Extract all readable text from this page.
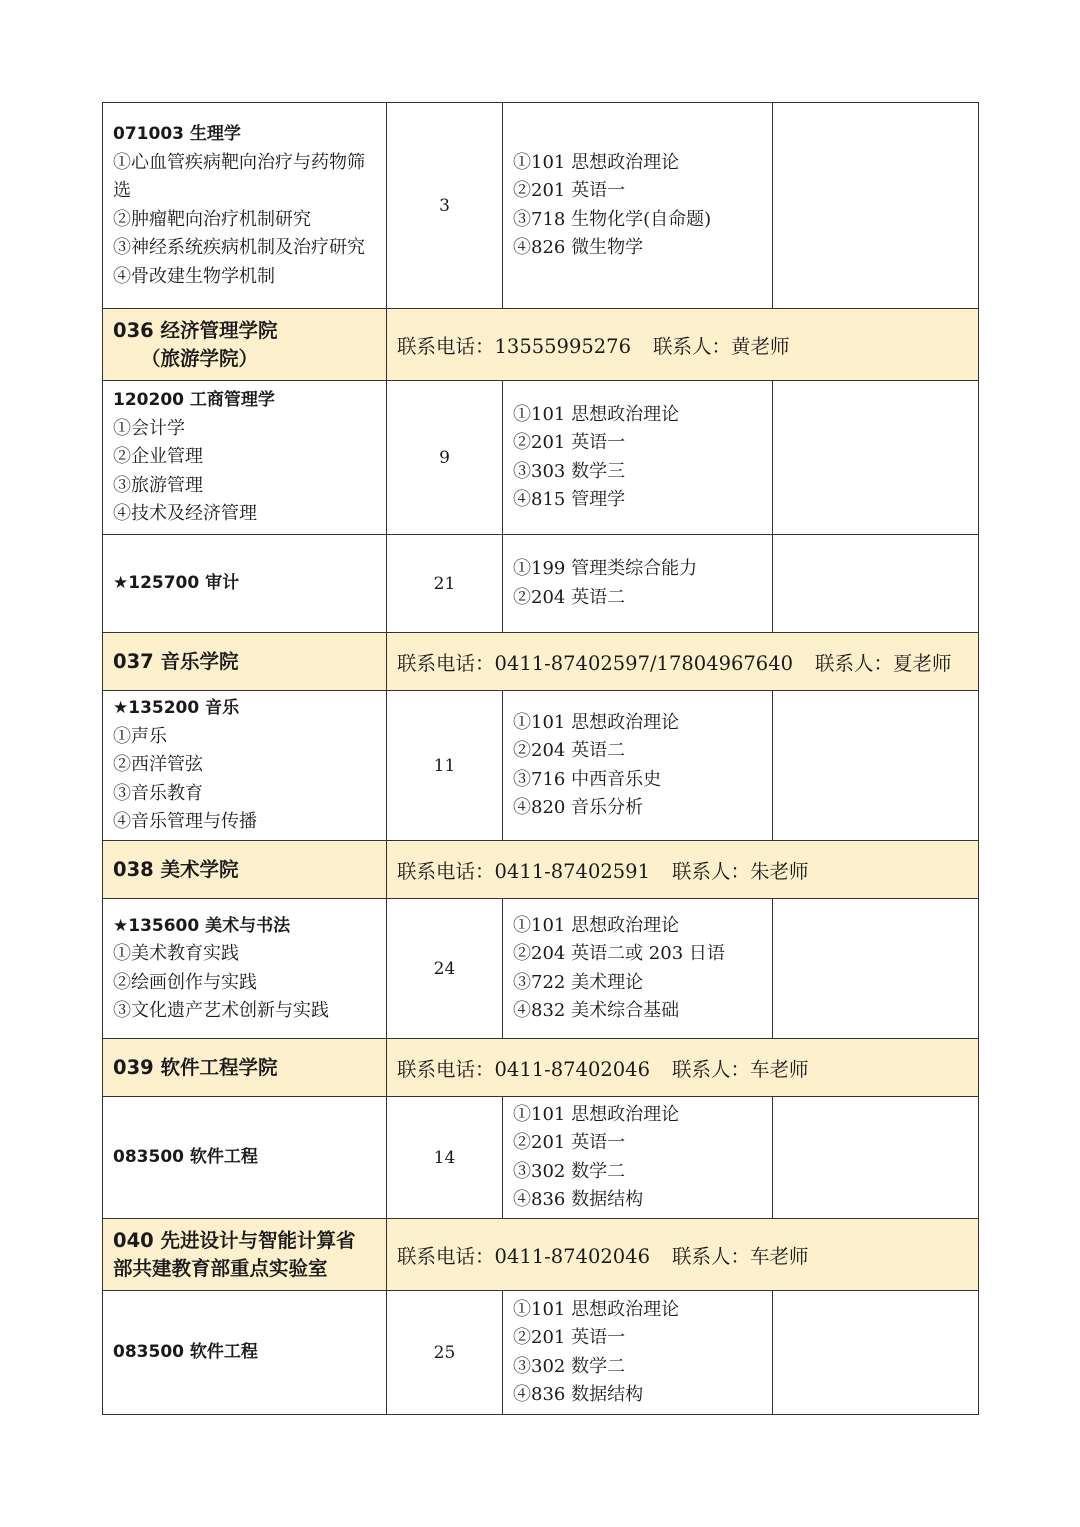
071003 生理学
①心血管疾病靶向治疗与药物筛选
②肿瘤靶向治疗机制研究
③神经系统疾病机制及治疗研究
④骨改建生物学机制	3	①101 思想政治理论
②201 英语一
③718 生物化学(自命题)
④826 微生物学	

036 经济管理学院
（旅游学院）	联系电话：13555995276 联系人：黄老师		

120200 工商管理学
①会计学
②企业管理
③旅游管理
④技术及经济管理	9	①101 思想政治理论
②201 英语一
③303 数学三
④815 管理学	

★125700 审计	21	①199 管理类综合能力
②204 英语二	

037 音乐学院	联系电话：0411-87402597/17804967640 联系人：夏老师		

★135200 音乐
①声乐
②西洋管弦
③音乐教育
④音乐管理与传播	11	①101 思想政治理论
②204 英语二
③716 中西音乐史
④820 音乐分析	

038 美术学院	联系电话：0411-87402591 联系人：朱老师		

★135600 美术与书法
①美术教育实践
②绘画创作与实践
③文化遗产艺术创新与实践	24	①101 思想政治理论
②204 英语二或 203 日语
③722 美术理论
④832 美术综合基础	

039 软件工程学院	联系电话：0411-87402046 联系人：车老师		

083500 软件工程	14	①101 思想政治理论
②201 英语一
③302 数学二
④836 数据结构	

040 先进设计与智能计算省
部共建教育部重点实验室	联系电话：0411-87402046 联系人：车老师		

083500 软件工程	25	①101 思想政治理论
②201 英语一
③302 数学二
④836 数据结构	
